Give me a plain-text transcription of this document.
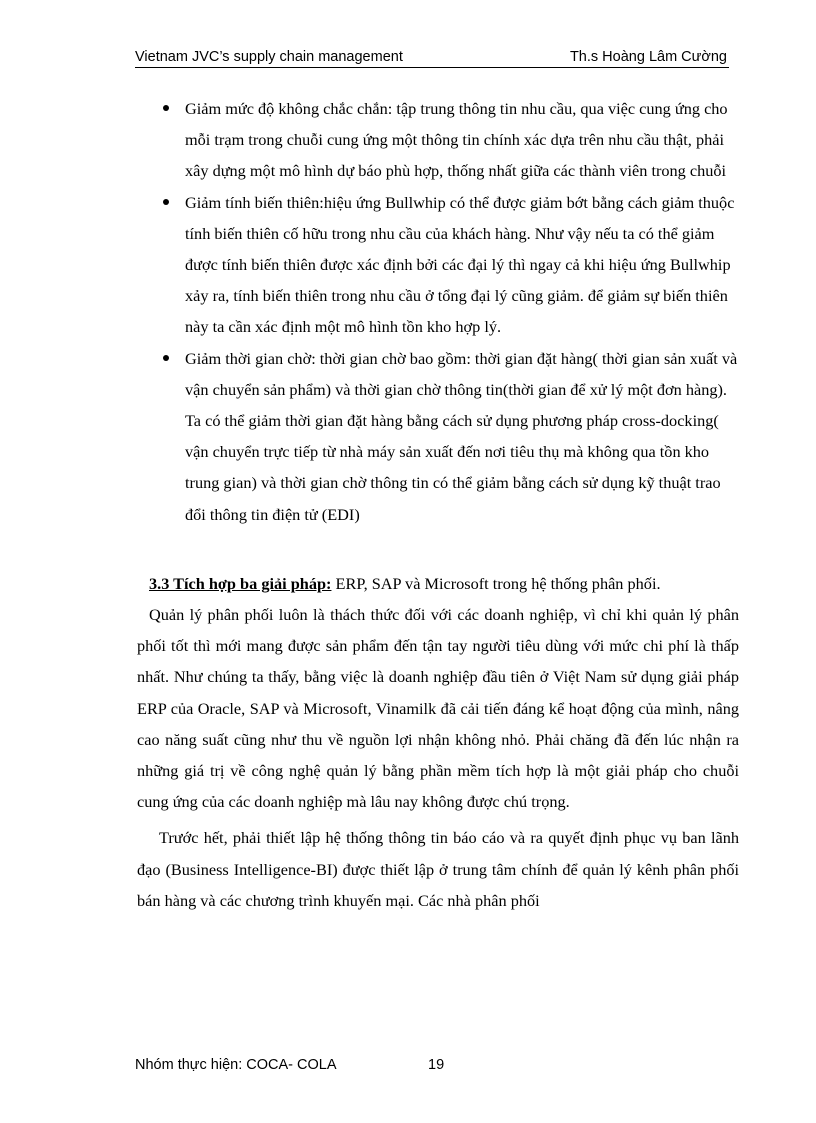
Vietnam JVC’s supply chain management	Th.s Hoàng Lâm Cường
Giảm mức độ không chắc chắn: tập trung thông tin nhu cầu, qua việc cung ứng cho mỗi trạm trong chuỗi cung ứng một thông tin chính xác dựa trên nhu cầu thật, phải xây dựng một mô hình dự báo phù hợp, thống nhất giữa các thành viên trong chuỗi
Giảm tính biến thiên:hiệu ứng Bullwhip có thể được giảm bớt bằng cách giảm thuộc tính biến thiên cố hữu trong nhu cầu của khách hàng. Như vậy nếu ta có thể giảm được tính biến thiên được xác định bởi các đại lý thì ngay cả khi hiệu ứng Bullwhip xảy ra, tính biến thiên trong nhu cầu ở tổng đại lý cũng giảm. để giảm sự biến thiên này ta cần xác định một mô hình tồn kho hợp lý.
Giảm thời gian chờ: thời gian chờ bao gồm: thời gian đặt hàng( thời gian sản xuất và vận chuyển sản phẩm) và thời gian chờ thông tin(thời gian để xử lý một đơn hàng). Ta có thể giảm thời gian đặt hàng bằng cách sử dụng phương pháp cross-docking( vận chuyển trực tiếp từ nhà máy sản xuất đến nơi tiêu thụ mà không qua tồn kho trung gian) và thời gian chờ thông tin có thể giảm bằng cách sử dụng kỹ thuật trao đổi thông tin điện tử (EDI)
3.3 Tích hợp ba giải pháp: ERP, SAP và Microsoft trong hệ thống phân phối.

Quản lý phân phối luôn là thách thức đối với các doanh nghiệp, vì chỉ khi quản lý phân phối tốt thì mới mang được sản phẩm đến tận tay người tiêu dùng với mức chi phí là thấp nhất. Như chúng ta thấy, bằng việc là doanh nghiệp đầu tiên ở Việt Nam sử dụng giải pháp ERP của Oracle, SAP và Microsoft, Vinamilk đã cải tiến đáng kể hoạt động của mình, nâng cao năng suất cũng như thu về nguồn lợi nhận không nhỏ. Phải chăng đã đến lúc nhận ra những giá trị về công nghệ quản lý bằng phần mềm tích hợp là một giải pháp cho chuỗi cung ứng của các doanh nghiệp mà lâu nay không được chú trọng.

Trước hết, phải thiết lập hệ thống thông tin báo cáo và ra quyết định phục vụ ban lãnh đạo (Business Intelligence-BI) được thiết lập ở trung tâm chính để quản lý kênh phân phối bán hàng và các chương trình khuyến mại. Các nhà phân phối

Nhóm thực hiện: COCA- COLA	19
